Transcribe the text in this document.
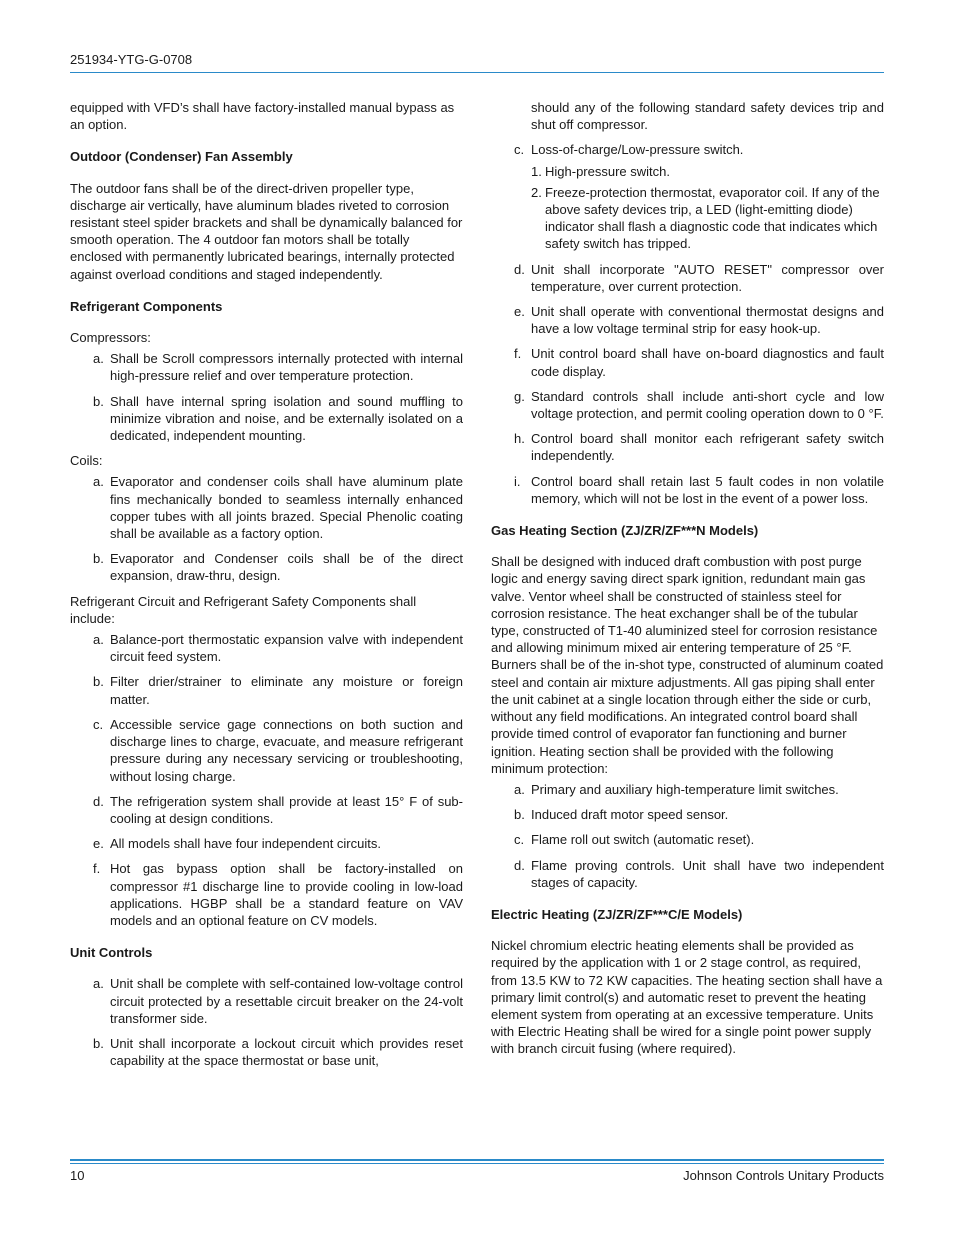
251934-YTG-G-0708

equipped with VFD’s shall have factory-installed manual bypass as an option.

Outdoor (Condenser) Fan Assembly

The outdoor fans shall be of the direct-driven propeller type, discharge air vertically, have aluminum blades riveted to corrosion resistant steel spider brackets and shall be dynamically balanced for smooth operation. The 4 outdoor fan motors shall be totally enclosed with permanently lubricated bearings, internally protected against overload conditions and staged independently.

Refrigerant Components

Compressors:

a. Shall be Scroll compressors internally protected with internal high-pressure relief and over temperature protection.
b. Shall have internal spring isolation and sound muffling to minimize vibration and noise, and be externally isolated on a dedicated, independent mounting.

Coils:

a. Evaporator and condenser coils shall have aluminum plate fins mechanically bonded to seamless internally enhanced copper tubes with all joints brazed. Special Phenolic coating shall be available as a factory option.
b. Evaporator and Condenser coils shall be of the direct expansion, draw-thru, design.

Refrigerant Circuit and Refrigerant Safety Components shall include:

a. Balance-port thermostatic expansion valve with independent circuit feed system.
b. Filter drier/strainer to eliminate any moisture or foreign matter.
c. Accessible service gage connections on both suction and discharge lines to charge, evacuate, and measure refrigerant pressure during any necessary servicing or troubleshooting, without losing charge.
d. The refrigeration system shall provide at least 15° F of sub-cooling at design conditions.
e. All models shall have four independent circuits.
f. Hot gas bypass option shall be factory-installed on compressor #1 discharge line to provide cooling in low-load applications. HGBP shall be a standard feature on VAV models and an optional feature on CV models.

Unit Controls

a. Unit shall be complete with self-contained low-voltage control circuit protected by a resettable circuit breaker on the 24-volt transformer side.
b. Unit shall incorporate a lockout circuit which provides reset capability at the space thermostat or base unit,
should any of the following standard safety devices trip and shut off compressor.
c. Loss-of-charge/Low-pressure switch.
1. High-pressure switch.
2. Freeze-protection thermostat, evaporator coil. If any of the above safety devices trip, a LED (light-emitting diode) indicator shall flash a diagnostic code that indicates which safety switch has tripped.
d. Unit shall incorporate "AUTO RESET" compressor over temperature, over current protection.
e. Unit shall operate with conventional thermostat designs and have a low voltage terminal strip for easy hook-up.
f. Unit control board shall have on-board diagnostics and fault code display.
g. Standard controls shall include anti-short cycle and low voltage protection, and permit cooling operation down to 0 °F.
h. Control board shall monitor each refrigerant safety switch independently.
i. Control board shall retain last 5 fault codes in non volatile memory, which will not be lost in the event of a power loss.

Gas Heating Section (ZJ/ZR/ZF***N Models)

Shall be designed with induced draft combustion with post purge logic and energy saving direct spark ignition, redundant main gas valve. Ventor wheel shall be constructed of stainless steel for corrosion resistance. The heat exchanger shall be of the tubular type, constructed of T1-40 aluminized steel for corrosion resistance and allowing minimum mixed air entering temperature of 25 °F. Burners shall be of the in-shot type, constructed of aluminum coated steel and contain air mixture adjustments. All gas piping shall enter the unit cabinet at a single location through either the side or curb, without any field modifications. An integrated control board shall provide timed control of evaporator fan functioning and burner ignition. Heating section shall be provided with the following minimum protection:

a. Primary and auxiliary high-temperature limit switches.
b. Induced draft motor speed sensor.
c. Flame roll out switch (automatic reset).
d. Flame proving controls. Unit shall have two independent stages of capacity.

Electric Heating (ZJ/ZR/ZF***C/E Models)

Nickel chromium electric heating elements shall be provided as required by the application with 1 or 2 stage control, as required, from 13.5 KW to 72 KW capacities. The heating section shall have a primary limit control(s) and automatic reset to prevent the heating element system from operating at an excessive temperature. Units with Electric Heating shall be wired for a single point power supply with branch circuit fusing (where required).

10	Johnson Controls Unitary Products
